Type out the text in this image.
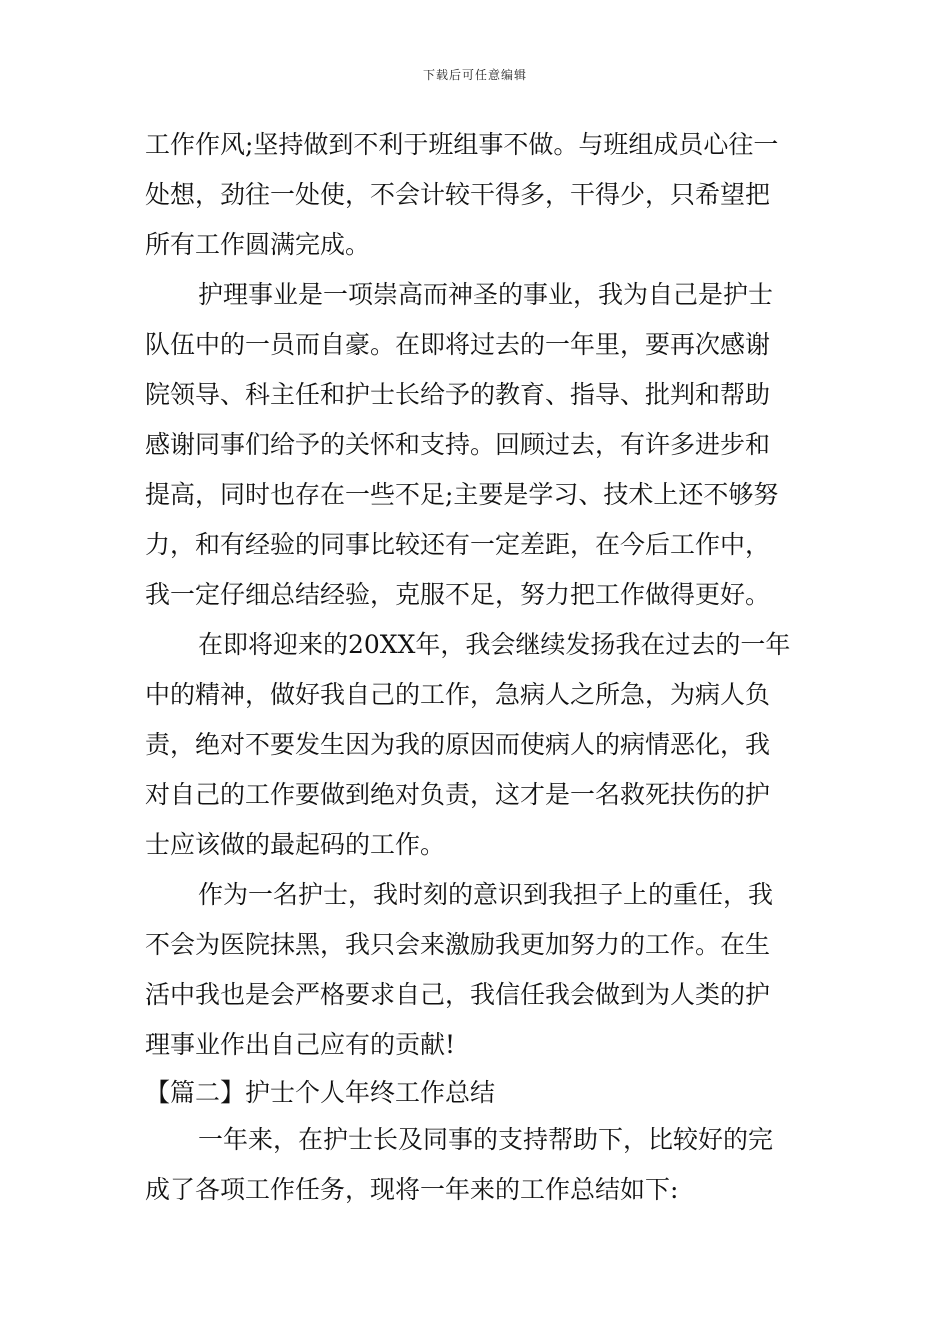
下载后可任意编辑
工作作风;坚持做到不利于班组事不做。与班组成员心往一
处想，劲往一处使，不会计较干得多，干得少，只希望把
所有工作圆满完成。
护理事业是一项崇高而神圣的事业，我为自己是护士
队伍中的一员而自豪。在即将过去的一年里，要再次感谢
院领导、科主任和护士长给予的教育、指导、批判和帮助
感谢同事们给予的关怀和支持。回顾过去，有许多进步和
提高，同时也存在一些不足;主要是学习、技术上还不够努
力，和有经验的同事比较还有一定差距，在今后工作中，
我一定仔细总结经验，克服不足，努力把工作做得更好。
在即将迎来的20XX年，我会继续发扬我在过去的一年
中的精神，做好我自己的工作，急病人之所急，为病人负
责，绝对不要发生因为我的原因而使病人的病情恶化，我
对自己的工作要做到绝对负责，这才是一名救死扶伤的护
士应该做的最起码的工作。
作为一名护士，我时刻的意识到我担子上的重任，我
不会为医院抹黑，我只会来激励我更加努力的工作。在生
活中我也是会严格要求自己，我信任我会做到为人类的护
理事业作出自己应有的贡献!
【篇二】护士个人年终工作总结
一年来，在护士长及同事的支持帮助下，比较好的完
成了各项工作任务，现将一年来的工作总结如下:
